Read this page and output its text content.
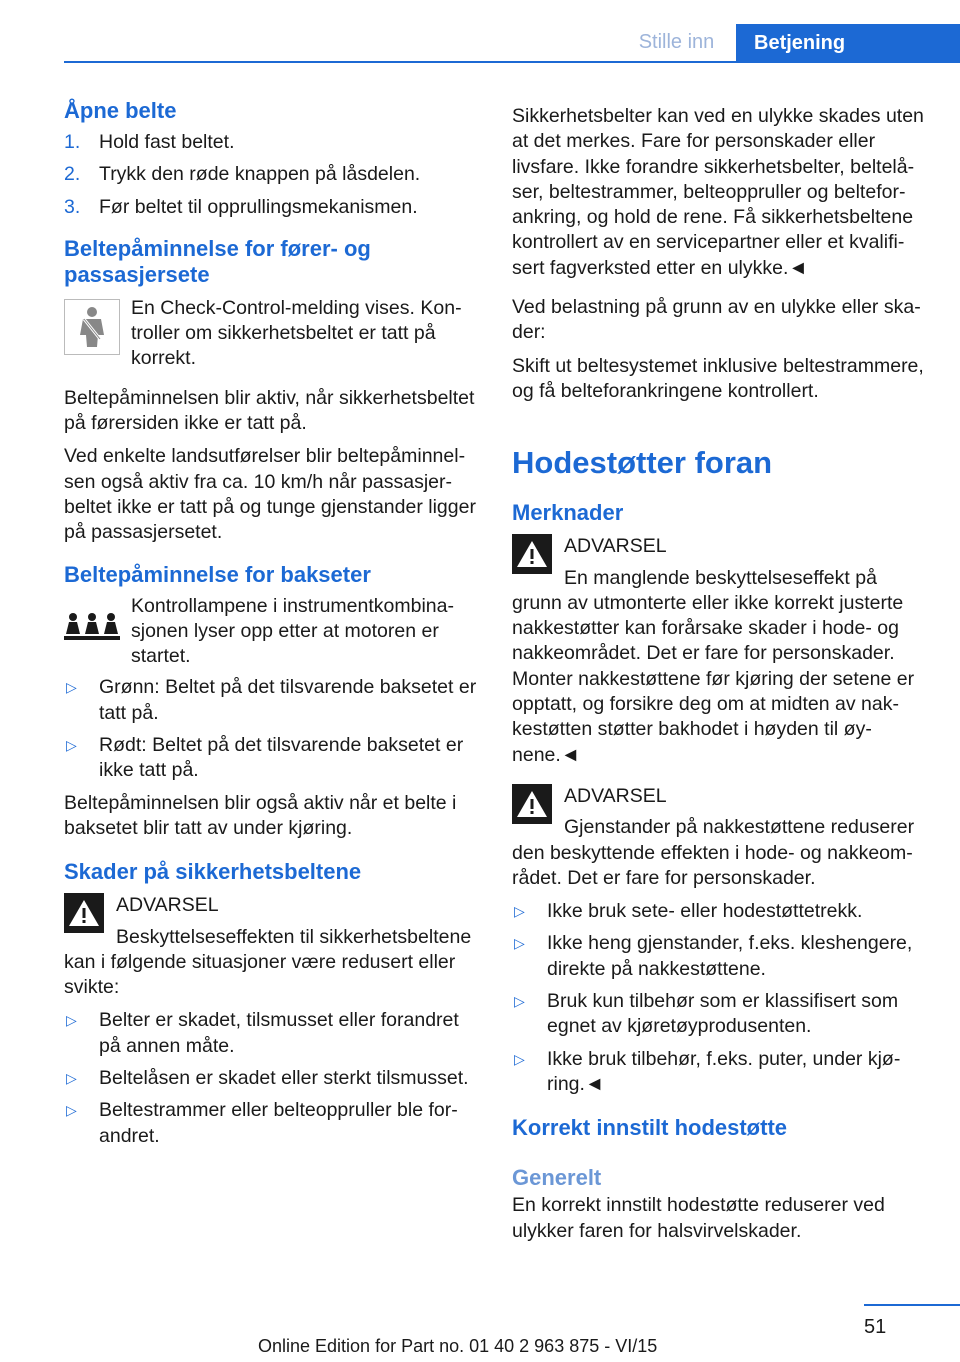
Stille inn	Betjening
Åpne belte
1. Hold fast beltet.
2. Trykk den røde knappen på låsdelen.
3. Før beltet til opprullingsmekanismen.
Beltepåminnelse for fører- og passasjersete

En Check-Control-melding vises. Kontroller om sikkerhetsbeltet er tatt på korrekt.

Beltepåminnelsen blir aktiv, når sikkerhetsbeltet på førersiden ikke er tatt på.

Ved enkelte landsutførelser blir beltepåminnelsen også aktiv fra ca. 10 km/h når passasjerbeltet ikke er tatt på og tunge gjenstander ligger på passasjersetet.

Beltepåminnelse for bakseter

Kontrollampene i instrumentkombinasjonen lyser opp etter at motoren er startet.

▷	Grønn: Beltet på det tilsvarende baksetet er tatt på.
▷	Rødt: Beltet på det tilsvarende baksetet er ikke tatt på.

Beltepåminnelsen blir også aktiv når et belte i baksetet blir tatt av under kjøring.

Skader på sikkerhetsbeltene

ADVARSEL

Beskyttelseseffekten til sikkerhetsbeltene kan i følgende situasjoner være redusert eller svikte:

▷	Belter er skadet, tilsmusset eller forandret på annen måte.
▷	Beltelåsen er skadet eller sterkt tilsmusset.
▷	Beltestrammer eller belteoppruller ble forandret.

Sikkerhetsbelter kan ved en ulykke skades uten at det merkes. Fare for personskader eller livsfare. Ikke forandre sikkerhetsbelter, beltelåser, beltestrammer, belteoppruller og belteforankring, og hold de rene. Få sikkerhetsbeltene kontrollert av en servicepartner eller et kvalifisert fagverksted etter en ulykke.◄

Ved belastning på grunn av en ulykke eller skader:

Skift ut beltesystemet inklusive beltestrammere, og få belteforankringene kontrollert.

Hodestøtter foran
Merknader

ADVARSEL

En manglende beskyttelseseffekt på grunn av utmonterte eller ikke korrekt justerte nakkestøtter kan forårsake skader i hode- og nakkeområdet. Det er fare for personskader. Monter nakkestøttene før kjøring der setene er opptatt, og forsikre deg om at midten av nakkestøtten støtter bakhodet i høyden til øynene.◄

ADVARSEL

Gjenstander på nakkestøttene reduserer den beskyttende effekten i hode- og nakkeområdet. Det er fare for personskader.

▷	Ikke bruk sete- eller hodestøttetrekk.
▷	Ikke heng gjenstander, f.eks. kleshengere, direkte på nakkestøttene.
▷	Bruk kun tilbehør som er klassifisert som egnet av kjøretøyprodusenten.
▷	Ikke bruk tilbehør, f.eks. puter, under kjøring.◄
Korrekt innstilt hodestøtte
Generelt

En korrekt innstilt hodestøtte reduserer ved ulykker faren for halsvirvelskader.

51
Online Edition for Part no. 01 40 2 963 875 - VI/15
